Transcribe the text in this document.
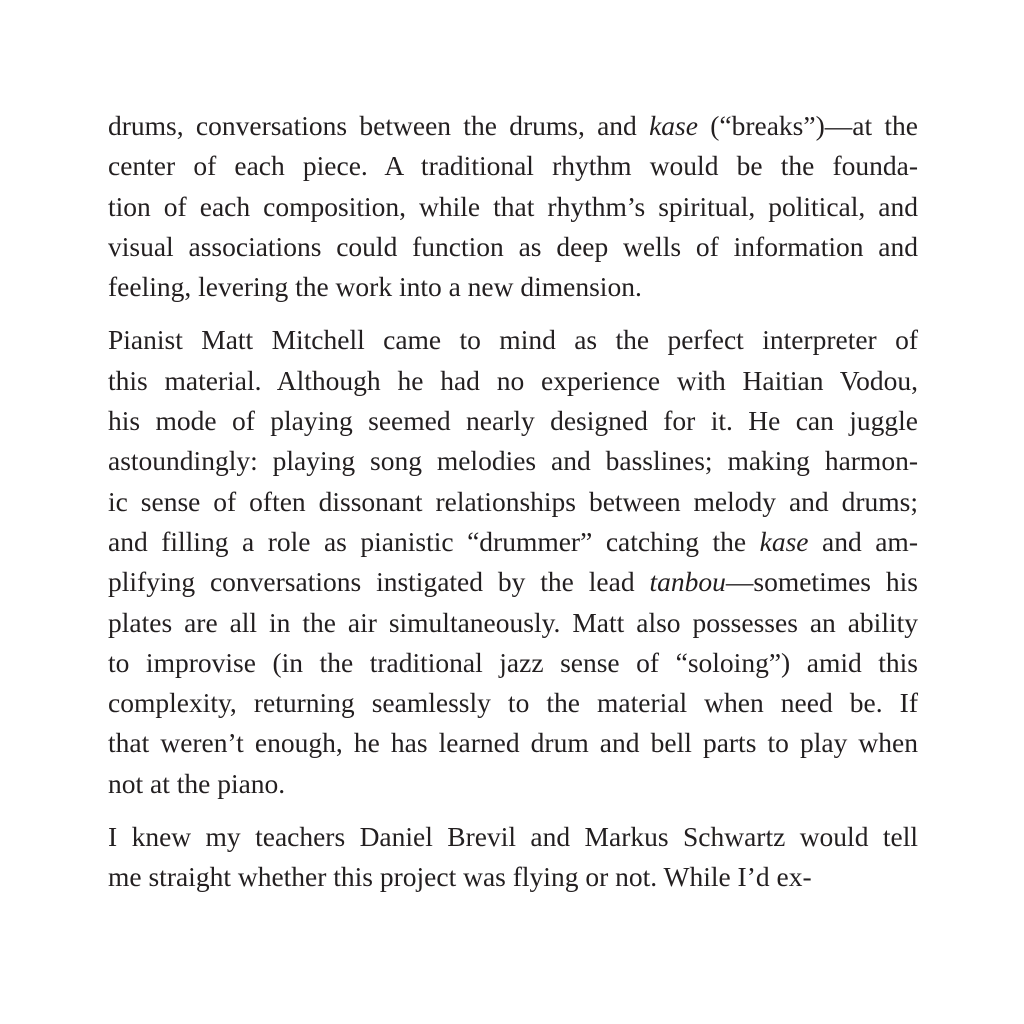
drums, conversations between the drums, and kase (“breaks”)—at the
center of each piece. A traditional rhythm would be the founda-
tion of each composition, while that rhythm’s spiritual, political, and
visual associations could function as deep wells of information and
feeling, levering the work into a new dimension.
Pianist Matt Mitchell came to mind as the perfect interpreter of
this material. Although he had no experience with Haitian Vodou,
his mode of playing seemed nearly designed for it. He can juggle
astoundingly: playing song melodies and basslines; making harmon-
ic sense of often dissonant relationships between melody and drums;
and filling a role as pianistic “drummer” catching the kase and am-
plifying conversations instigated by the lead tanbou—sometimes his
plates are all in the air simultaneously. Matt also possesses an ability
to improvise (in the traditional jazz sense of “soloing”) amid this
complexity, returning seamlessly to the material when need be. If
that weren’t enough, he has learned drum and bell parts to play when
not at the piano.
I knew my teachers Daniel Brevil and Markus Schwartz would tell
me straight whether this project was flying or not. While I’d ex-
